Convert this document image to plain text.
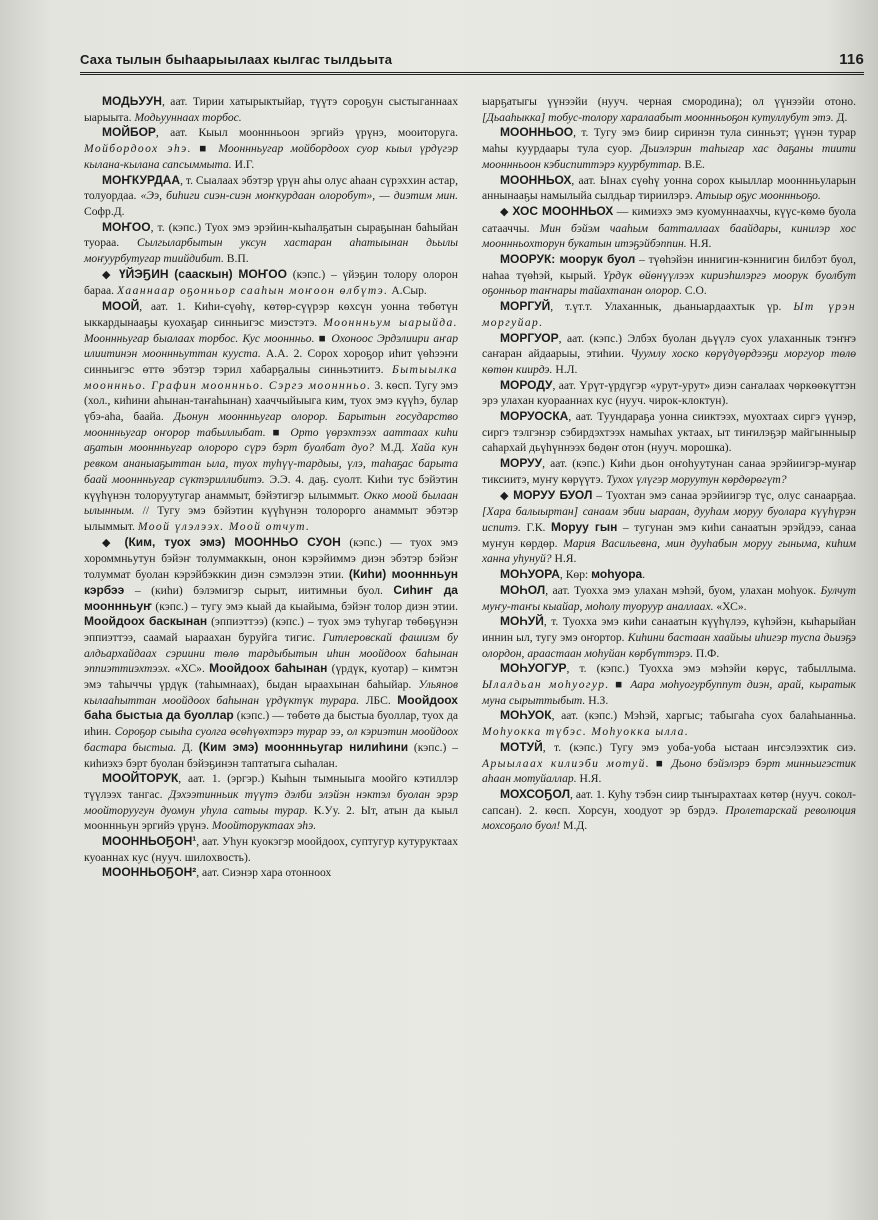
Саха тылын быһаарыылаах кылгас тылдьыта	116

МОДЬУУН, аат. Тирии хатырыктыйар, түүтэ сороҕун сыстыганнаах ыарыыта. Модьууннаах торбос.

МОЙБОР, аат. Кыыл мооннньоон эргийэ үрүнэ, мооиторуга. Мойбордоох эһэ. ■ Мооннньугар мойбордоох суор кыыл үрдүгэр кылана-кылана сапсыммыта. И.Г.

МОҤКУРДАА, т. Сыалаах эбэтэр үрүн аһы олус аһаан сүрэххин астар, толуордаа. «Ээ, биһиги сиэн-сиэн моҥкурдаан олоробут», — диэтим мин. Софр.Д.

МОҤОО, т. (кэпс.) Туох эмэ эрэйин-кыһалҕатын сыраҕынан баһыйан туораа. Сылгыларбытын уксун хастаран аһатыынан дьылы моҥуурбутугар тиийдибит. В.П.

◆ ҮЙЭҔИН (сааскын) МОҤОО (кэпс.) – үйэҕин толору олорон бараа. Хааннаар оҕонньор сааһын моҥоон өлбүтэ. А.Сыр.

МООЙ, аат. 1. Киһи-сүөһү, көтөр-сүүрэр көхсүн уонна төбөтүн ыккардынааҕы куохаҕар синньигэс миэстэтэ. Мооннньум ыарыйда. Мооннньугар быалаах торбос. Кус мооннньо. ■ Охоноос Эрдэлиири аҥар илиитинэн мооннньуттан кууста. А.А. 2. Сорох хороҕор иһит үөһээҥи синньигэс өттө эбэтэр тэрил хабарҕалыы синньэтиитэ. Бытыылка мооннньо. Графин мооннньо. Сэргэ мооннньо. 3. көсп. Тугу эмэ (хол., киһини аһынан-таҥаһынан) хааччыйыыга ким, туох эмэ күүһэ, булар үбэ-аһа, баайа. Дьонун мооннньугар олорор. Барытын государство мооннньугар оҥорор табыллыбат. ■ Орто үөрэхтээх ааттаах киһи аҕатын мооннньугар олороро сүрэ бэрт буолбат дуо? М.Д. Хайа кун ревком ананыаҕыттан ыла, туох туһүү-тардыы, үлэ, таһаҕас барыта баай мооннньугар сүктэриллибитэ. Э.Э. 4. даҕ. суолт. Киһи тус бэйэтин күүһүнэн толоруутугар анаммыт, бэйэтигэр ылыммыт. Окко моой былаан ылынным. // Тугу эмэ бэйэтин күүһүнэн толорорго анаммыт эбэтэр ылыммыт. Моой үлэлээх. Моой отчут.

◆ (Ким, туох эмэ) МООННЬО СУОН (кэпс.) — туох эмэ хороммньутун бэйэҥ толуммаккын, онон кэрэйиммэ диэн эбэтэр бэйэҥ толуммат буолан кэрэйбэккин диэн сэмэлээн этии. (Киһи) мооннньун кэрбээ – (киһи) бэлэмигэр сырыт, иитимньи буол. Сиһиҥ да мооннньуҥ (кэпс.) – тугу эмэ кыай да кыайыма, бэйэҥ толор диэн этии. Моойдоох баскынан (эппиэттээ) (кэпс.) – туох эмэ туһугар төбөҕүнэн эппиэттээ, саамай ыараахан буруйга тигис. Гитлеровскай фашизм бу алдьархайдаах сэриини төлө тардыбытын иһин моойдоох баһынан эппиэттиэхтээх. «ХС». Моойдоох баһынан (үрдүк, куотар) – кимтэн эмэ таһыччы үрдүк (таһымнаах), быдан ыраахынан баһыйар. Ульянов кылааһыттан моойдоох баһынан үрдүктүк турара. ЛБС. Моойдоох баһа быстыа да буоллар (кэпс.) — төбөтө да быстыа буоллар, туох да иһин. Сороҕор сыыһа суолга өсөһүөхтэрэ турар ээ, ол кэриэтин моойдоох бастара быстыа. Д. (Ким эмэ) мооннньугар нилиһини (кэпс.) – киһиэхэ бэрт буолан бэйэҕинэн таптатыга сыһалан.

МООЙТОРУК, аат. 1. (эргэр.) Кыһын тымныыга моойго кэтиллэр түүлээх тангас. Дэхээтинньик түүтэ дэлби элэйэн нэктэл буолан эрэр моойторуугун дуомун уһула сатыы турар. К.Уу. 2. Ыт, атын да кыыл мооннньун эргийэ үрүнэ. Моойторуктаах эһэ.

МООННЬОҔОН¹, аат. Уһун куокэгэр моойдоох, суптугур кутуруктаах куоаннах кус (нууч. шилохвость).

МООННЬОҔОН², аат. Сиэнэр хара отонноох

ыарҕатыгы үүнээйи (нууч. черная смородина); ол үүнээйи отоно. [Дьааһыкка] тобус-толору харалаабыт мооннньоҕон кутуллубут этэ. Д.

МООННЬОО, т. Тугу эмэ биир сиринэн тула синньэт; үүнэн турар маһы куурдаары тула суор. Дьиэлэрин таһыгар хас даҕаны тиити мооннньоон кэбиспиттэрэ куурбуттар. В.Е.

МООННЬОХ, аат. Ынах сүөһү уонна сорох кыыллар мооннньуларын аннынааҕы намылыйа сылдьар тириилэрэ. Атыыр оҕус мооннньоҕо.

◆ ХОС МООННЬОХ — кимиэхэ эмэ куомуннаахчы, күүс-көмө буола сатааччы. Мин бэйэм чааһым батталлаах баайдары, кинилэр хос мооннньохторун букатын итэҕэйбэппин. Н.Я.

МООРУК: моорук буол – түөһэйэн иннигин-кэннигин билбэт буол, наһаа түөһэй, кырый. Үрдүк өйөнүүлээх кириэһилэргэ моорук буолбут оҕонньор таҥнары тайахтанан олорор. С.О.

МОРГУЙ, т.үт.т. Улаханнык, дьаныардаахтык үр. Ыт үрэн моргуйар.

МОРГУОР, аат. (кэпс.) Элбэх буолан дьүүлэ суох улаханнык тэҥҥэ саҥаран айдаарыы, этиһии. Чуумлу хоско көрүдүөрдээҕи моргуор төлө көтөн киирдэ. Н.Л.

МОРОДУ, аат. Үрүт-үрдүгэр «урут-урут» диэн саҥалаах чөркөөкүттэн эрэ улахан куорааннах кус (нууч. чирок-клоктун).

МОРУОСКА, аат. Туундараҕа уонна сииктээх, муохтаах сиргэ үүнэр, сиргэ тэлгэнэр сэбирдэхтээх намыһах уктаах, ыт тиҥилэҕэр майгынныыр саһархай дьүһүннээх бөдөҥ отон (нууч. морошка).

МОРУУ, аат. (кэпс.) Киһи дьон оҥоһуутунан санаа эрэйиигэр-муҥар тиксиитэ, муҥу көрүүтэ. Тухох үлүгэр моруутун көрдөрөгүт?

◆ МОРУУ БУОЛ – Туохтан эмэ санаа эрэйиигэр түс, олус санаарҕаа. [Хара балыыртан] санаам эбии ыараан, дууһам моруу буолара күүһүрэн испитэ. Г.К. Моруу гын – тугунан эмэ киһи санаатын эрэйдээ, санаа муҥун көрдөр. Мария Васильевна, мин дууһабын моруу гыныма, киһим ханна уһунуй? Н.Я.

МОҺУОРА, Көр: моһуора.

МОҺОЛ, аат. Туохха эмэ улахан мэһэй, буом, улахан моһуок. Булчут муҥу-таҥы кыайар, моһолу туоруур аналлаах. «ХС».

МОҺУЙ, т. Туохха эмэ киһи санаатын күүһүлээ, күһэйэн, кыһарыйан иннин ыл, тугу эмэ оҥортор. Киһини бастаан хаайыы иһигэр туспа дьиэҕэ олордон, араастаан моһуйан көрбүттэрэ. П.Ф.

МОҺУОГУР, т. (кэпс.) Туохха эмэ мэһэйи көрүс, табыллыма. Ылалдьан моһуогур. ■ Аара моһуогурбуппут диэн, арай, кыратык муна сырыттыбыт. Н.З.

МОҺУОК, аат. (кэпс.) Мэһэй, харгыс; табыгаһа суох балаһыанньа. Моһуокка түбэс. Моһуокка ылла.

МОТУЙ, т. (кэпс.) Тугу эмэ уоба-уоба ыстаан иҥсэлээхтик сиэ. Арыылаах килиэби мотуй. ■ Дьоно бэйэлэрэ бэрт минньигэстик аһаан мотуйаллар. Н.Я.

МОХСОҔОЛ, аат. 1. Куһу тэбэн сиир тыҥырахтаах көтөр (нууч. сокол-сапсан). 2. көсп. Хорсун, хоодуот эр бэрдэ. Пролетарскай революция мохсоҕоло буол! М.Д.
